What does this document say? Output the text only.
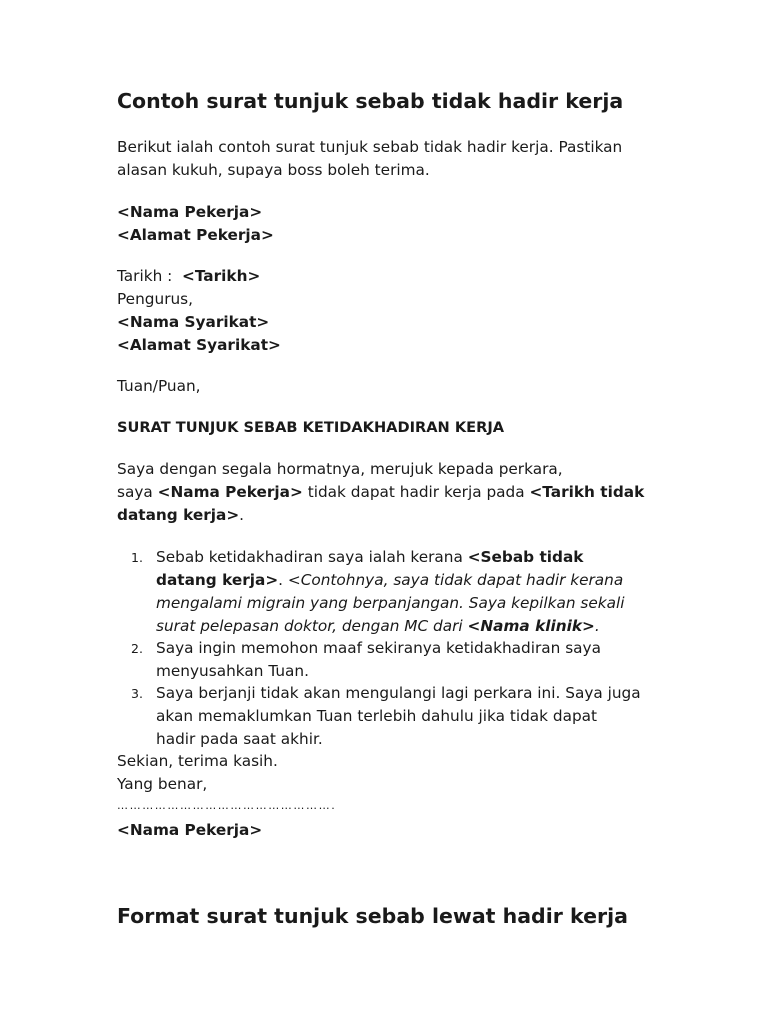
Contoh surat tunjuk sebab tidak hadir kerja
Berikut ialah contoh surat tunjuk sebab tidak hadir kerja. Pastikan
alasan kukuh, supaya boss boleh terima.
<Nama Pekerja>
<Alamat Pekerja>
Tarikh : <Tarikh>
Pengurus,
<Nama Syarikat>
<Alamat Syarikat>
Tuan/Puan,
SURAT TUNJUK SEBAB KETIDAKHADIRAN KERJA
Saya dengan segala hormatnya, merujuk kepada perkara,
saya <Nama Pekerja> tidak dapat hadir kerja pada <Tarikh tidak
datang kerja>.
1. Sebab ketidakhadiran saya ialah kerana <Sebab tidak
datang kerja>. <Contohnya, saya tidak dapat hadir kerana
mengalami migrain yang berpanjangan. Saya kepilkan sekali
surat pelepasan doktor, dengan MC dari <Nama klinik>.
2. Saya ingin memohon maaf sekiranya ketidakhadiran saya
menyusahkan Tuan.
3. Saya berjanji tidak akan mengulangi lagi perkara ini. Saya juga
akan memaklumkan Tuan terlebih dahulu jika tidak dapat
hadir pada saat akhir.
Sekian, terima kasih.
Yang benar,
…………………………………………….
<Nama Pekerja>
Format surat tunjuk sebab lewat hadir kerja
